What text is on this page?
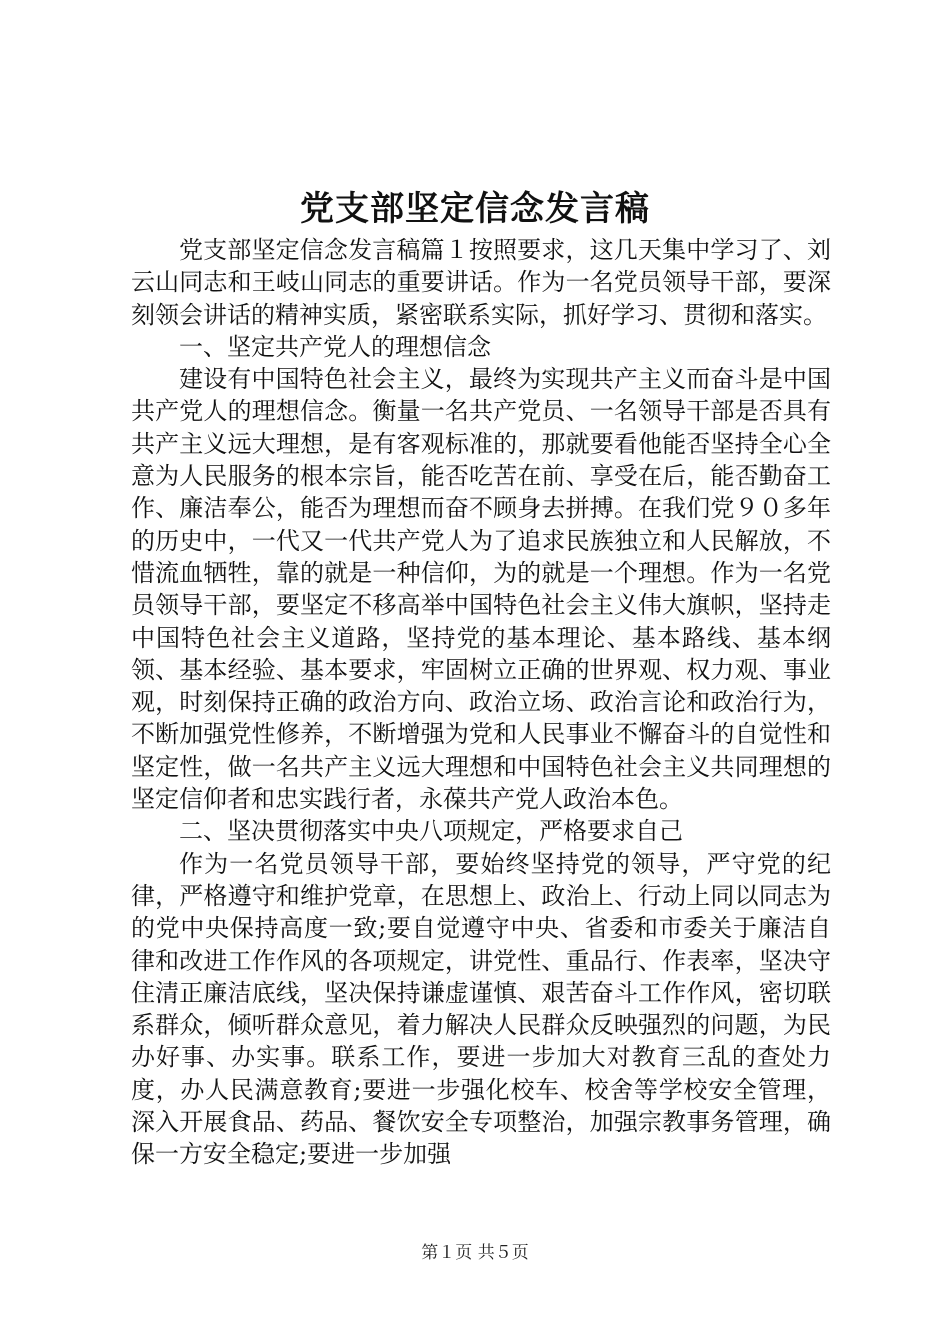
党支部坚定信念发言稿

党支部坚定信念发言稿篇１按照要求，这几天集中学习了、刘云山同志和王岐山同志的重要讲话。作为一名党员领导干部，要深刻领会讲话的精神实质，紧密联系实际，抓好学习、贯彻和落实。

一、坚定共产党人的理想信念

建设有中国特色社会主义，最终为实现共产主义而奋斗是中国共产党人的理想信念。衡量一名共产党员、一名领导干部是否具有共产主义远大理想，是有客观标准的，那就要看他能否坚持全心全意为人民服务的根本宗旨，能否吃苦在前、享受在后，能否勤奋工作、廉洁奉公，能否为理想而奋不顾身去拼搏。在我们党９０多年的历史中，一代又一代共产党人为了追求民族独立和人民解放，不惜流血牺牲，靠的就是一种信仰，为的就是一个理想。作为一名党员领导干部，要坚定不移高举中国特色社会主义伟大旗帜，坚持走中国特色社会主义道路，坚持党的基本理论、基本路线、基本纲领、基本经验、基本要求，牢固树立正确的世界观、权力观、事业观，时刻保持正确的政治方向、政治立场、政治言论和政治行为，不断加强党性修养，不断增强为党和人民事业不懈奋斗的自觉性和坚定性，做一名共产主义远大理想和中国特色社会主义共同理想的坚定信仰者和忠实践行者，永葆共产党人政治本色。

二、坚决贯彻落实中央八项规定，严格要求自己

作为一名党员领导干部，要始终坚持党的领导，严守党的纪律，严格遵守和维护党章，在思想上、政治上、行动上同以同志为的党中央保持高度一致;要自觉遵守中央、省委和市委关于廉洁自律和改进工作作风的各项规定，讲党性、重品行、作表率，坚决守住清正廉洁底线，坚决保持谦虚谨慎、艰苦奋斗工作作风，密切联系群众，倾听群众意见，着力解决人民群众反映强烈的问题，为民办好事、办实事。联系工作，要进一步加大对教育三乱的查处力度，办人民满意教育;要进一步强化校车、校舍等学校安全管理，深入开展食品、药品、餐饮安全专项整治，加强宗教事务管理，确保一方安全稳定;要进一步加强

第１页 共５页
